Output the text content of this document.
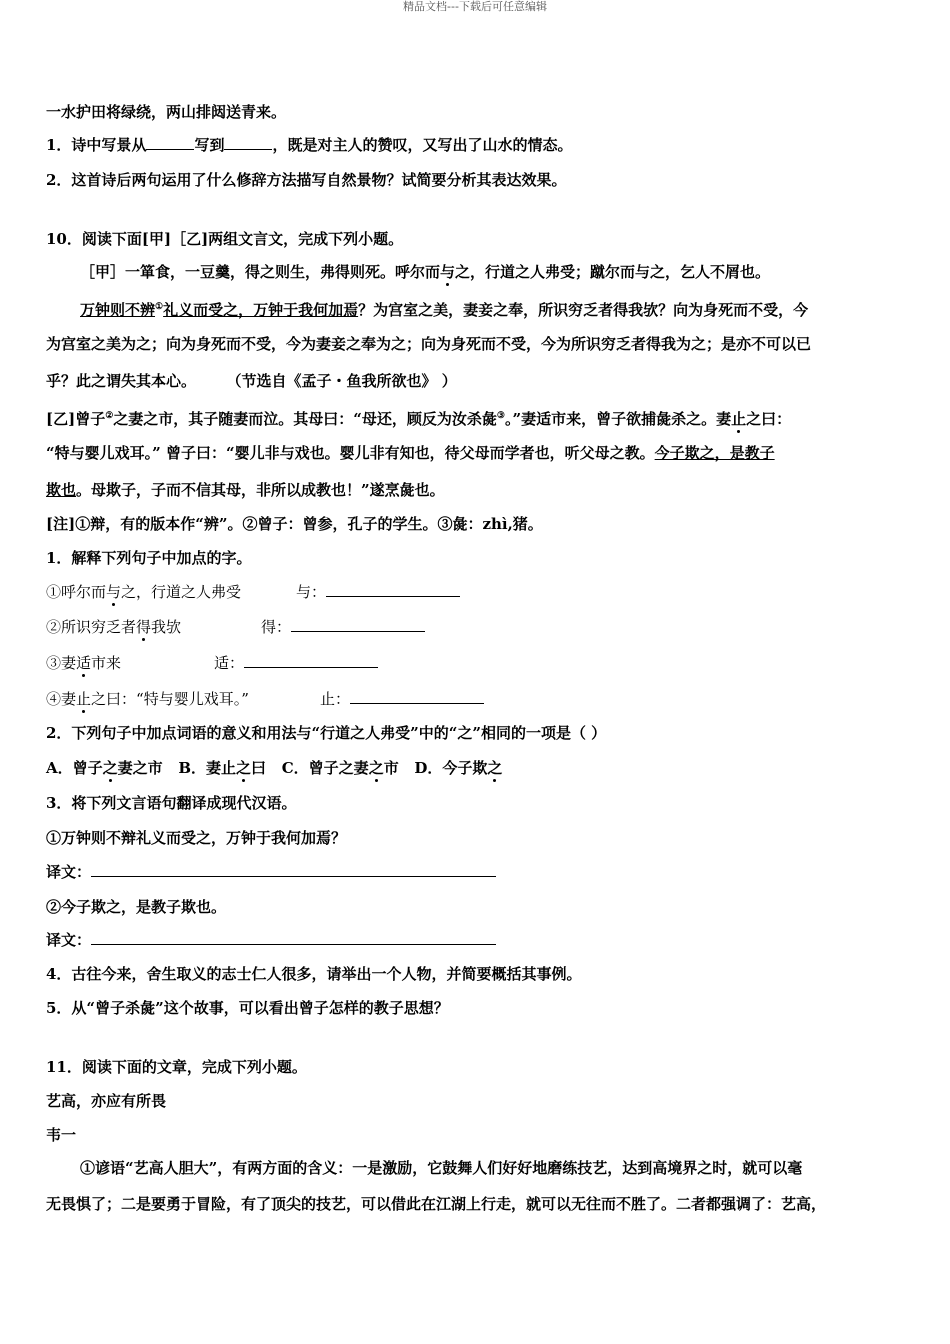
精品文档---下载后可任意编辑
一水护田将绿绕，两山排闼送青来。
1．诗中写景从	写到	，既是对主人的赞叹，又写出了山水的情态。
2．这首诗后两句运用了什么修辞方法描写自然景物？试简要分析其表达效果。
10．阅读下面[甲]［乙]两组文言文，完成下列小题。
［甲］一箪食，一豆羹，得之则生，弗得则死。呼尔而与之，行道之人弗受；蹴尔而与之，乞人不屑也。
万钟则不辨①礼义而受之，万钟于我何加焉？为宫室之美，妻妾之奉，所识穷乏者得我欤？向为身死而不受，今
为宫室之美为之；向为身死而不受，今为妻妾之奉为之；向为身死而不受，今为所识穷乏者得我为之；是亦不可以已
乎？此之谓失其本心。	（节选自《孟子・鱼我所欲也》 ）
[乙]曾子②之妻之市，其子随妻而泣。其母曰：“母还，顾反为汝杀彘③。”妻适市来，曾子欲捕彘杀之。妻止之曰：
“特与婴儿戏耳。” 曾子曰：“婴儿非与戏也。婴儿非有知也，待父母而学者也，听父母之教。今子欺之，是教子
欺也。母欺子，子而不信其母，非所以成教也！”遂烹彘也。
[注]①辩，有的版本作“辨”。②曾子：曾参，孔子的学生。③彘：zhì,猪。
1．解释下列句子中加点的字。
①呼尔而与之，行道之人弗受	与：
②所识穷乏者得我欤	得：
③妻适市来	适：
④妻止之曰：“特与婴儿戏耳。”	止：
2．下列句子中加点词语的意义和用法与“行道之人弗受”中的“之”相同的一项是（ ）
A．曾子之妻之市 B．妻止之曰 C．曾子之妻之市 D．今子欺之
3．将下列文言语句翻译成现代汉语。
①万钟则不辩礼义而受之，万钟于我何加焉？
译文：
②今子欺之，是教子欺也。
译文：
4．古往今来，舍生取义的志士仁人很多，请举出一个人物，并简要概括其事例。
5．从“曾子杀彘”这个故事，可以看出曾子怎样的教子思想？
11．阅读下面的文章，完成下列小题。
艺高，亦应有所畏
韦一
①谚语“艺高人胆大”，有两方面的含义：一是激励，它鼓舞人们好好地磨练技艺，达到高境界之时，就可以毫
无畏惧了；二是要勇于冒险，有了顶尖的技艺，可以借此在江湖上行走，就可以无往而不胜了。二者都强调了：艺高，
